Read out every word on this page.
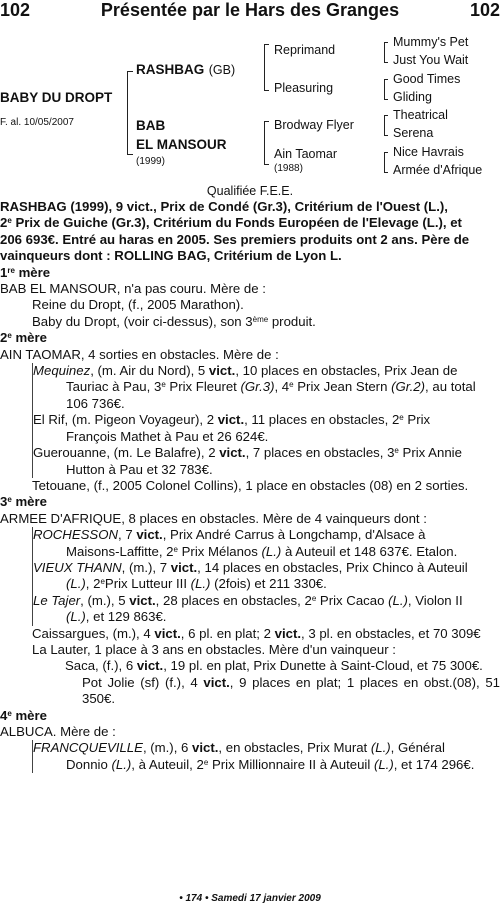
102	Présentée par le Hars des Granges	102
BABY DU DROPT
F. al. 10/05/2007
RASHBAG (GB)
BAB
EL MANSOUR
(1999)
Reprimand
Pleasuring
Brodway Flyer
Ain Taomar
(1988)
Mummy's Pet
Just You Wait
Good Times
Gliding
Theatrical
Serena
Nice Havrais
Armée d'Afrique
Qualifiée F.E.E.

RASHBAG (1999), 9 vict., Prix de Condé (Gr.3), Critérium de l'Ouest (L.),

2e Prix de Guiche (Gr.3), Critérium du Fonds Européen de l'Elevage (L.), et

206 693€. Entré au haras en 2005. Ses premiers produits ont 2 ans. Père de

vainqueurs dont : ROLLING BAG, Critérium de Lyon L.

1re mère

BAB EL MANSOUR, n'a pas couru. Mère de :

Reine du Dropt, (f., 2005 Marathon).

Baby du Dropt, (voir ci-dessus), son 3ème produit.

2e mère

AIN TAOMAR, 4 sorties en obstacles. Mère de :

Mequinez, (m. Air du Nord), 5 vict., 10 places en obstacles, Prix Jean de

Tauriac à Pau, 3e Prix Fleuret (Gr.3), 4e Prix Jean Stern (Gr.2), au total

106 736€.

El Rif, (m. Pigeon Voyageur), 2 vict., 11 places en obstacles, 2e Prix

François Mathet à Pau et 26 624€.

Guerouanne, (m. Le Balafre), 2 vict., 7 places en obstacles, 3e Prix Annie

Hutton à Pau et 32 783€.

Tetouane, (f., 2005 Colonel Collins), 1 place en obstacles (08) en 2 sorties.

3e mère

ARMEE D'AFRIQUE, 8 places en obstacles. Mère de 4 vainqueurs dont :

ROCHESSON, 7 vict., Prix André Carrus à Longchamp, d'Alsace à

Maisons-Laffitte, 2e Prix Mélanos (L.) à Auteuil et 148 637€. Etalon.

VIEUX THANN, (m.), 7 vict., 14 places en obstacles, Prix Chinco à Auteuil

(L.), 2ePrix Lutteur III (L.) (2fois) et 211 330€.

Le Tajer, (m.), 5 vict., 28 places en obstacles, 2e Prix Cacao (L.), Violon II

(L.), et 129 863€.

Caissargues, (m.), 4 vict., 6 pl. en plat; 2 vict., 3 pl. en obstacles, et 70 309€

La Lauter, 1 place à 3 ans en obstacles. Mère d'un vainqueur :

Saca, (f.), 6 vict., 19 pl. en plat, Prix Dunette à Saint-Cloud, et 75 300€.

Pot Jolie (sf) (f.), 4 vict., 9 places en plat; 1 places en obst.(08), 51 350€.

4e mère

ALBUCA. Mère de :

FRANCQUEVILLE, (m.), 6 vict., en obstacles, Prix Murat (L.), Général

Donnio (L.), à Auteuil, 2e Prix Millionnaire II à Auteuil (L.), et 174 296€.

• 174 • Samedi 17 janvier 2009
